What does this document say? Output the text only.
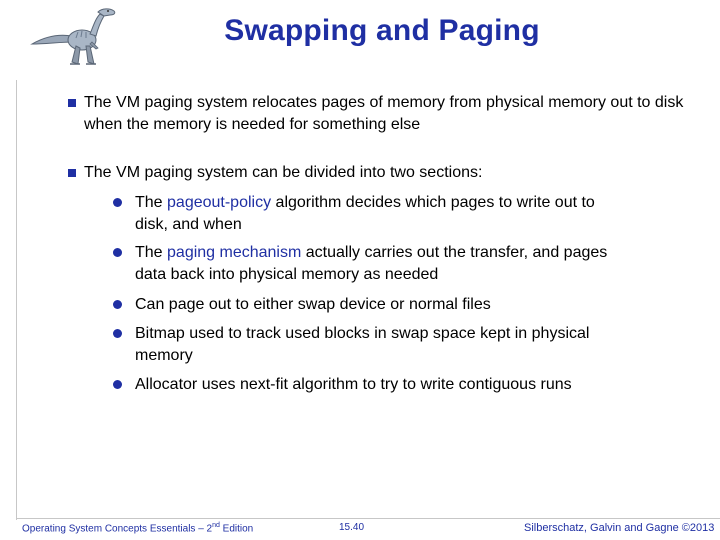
Swapping and Paging
The VM paging system relocates pages of memory from physical memory out to disk when the memory is needed for something else
The VM paging system can be divided into two sections:
The pageout-policy algorithm decides which pages to write out to disk, and when
The paging mechanism actually carries out the transfer, and pages data back into physical memory as needed
Can page out to either swap device or normal files
Bitmap used to track used blocks in swap space kept in physical memory
Allocator uses next-fit algorithm to try to write contiguous runs
Operating System Concepts Essentials – 2nd Edition	15.40	Silberschatz, Galvin and Gagne ©2013
